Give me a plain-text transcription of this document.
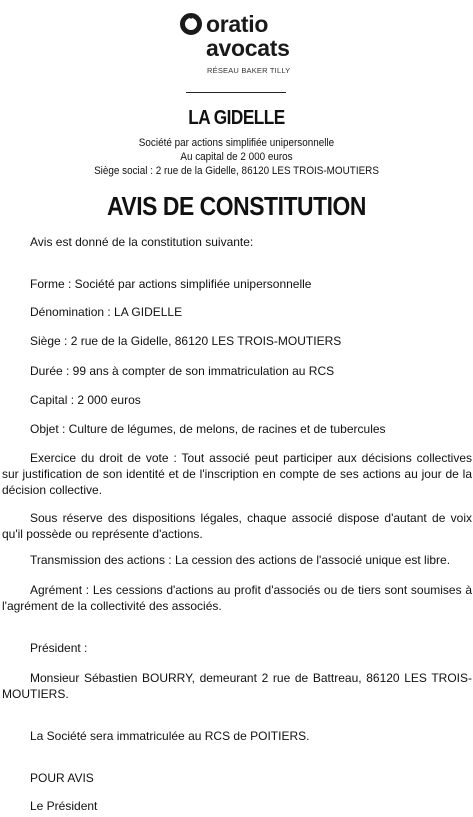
oratio
avocats
RÉSEAU BAKER TILLY
LA GIDELLE
Société par actions simplifiée unipersonnelle
Au capital de 2 000 euros
Siège social : 2 rue de la Gidelle, 86120 LES TROIS-MOUTIERS
AVIS DE CONSTITUTION
Avis est donné de la constitution suivante:
Forme : Société par actions simplifiée unipersonnelle
Dénomination : LA GIDELLE
Siège : 2 rue de la Gidelle, 86120 LES TROIS-MOUTIERS
Durée : 99 ans à compter de son immatriculation au RCS
Capital : 2 000 euros
Objet : Culture de légumes, de melons, de racines et de tubercules
Exercice du droit de vote : Tout associé peut participer aux décisions collectives sur justification de son identité et de l'inscription en compte de ses actions au jour de la décision collective.
Sous réserve des dispositions légales, chaque associé dispose d'autant de voix qu'il possède ou représente d'actions.
Transmission des actions : La cession des actions de l'associé unique est libre.
Agrément : Les cessions d'actions au profit d'associés ou de tiers sont soumises à l'agrément de la collectivité des associés.
Président :
Monsieur Sébastien BOURRY, demeurant 2 rue de Battreau, 86120 LES TROIS-MOUTIERS.
La Société sera immatriculée au RCS de POITIERS.
POUR AVIS
Le Président
